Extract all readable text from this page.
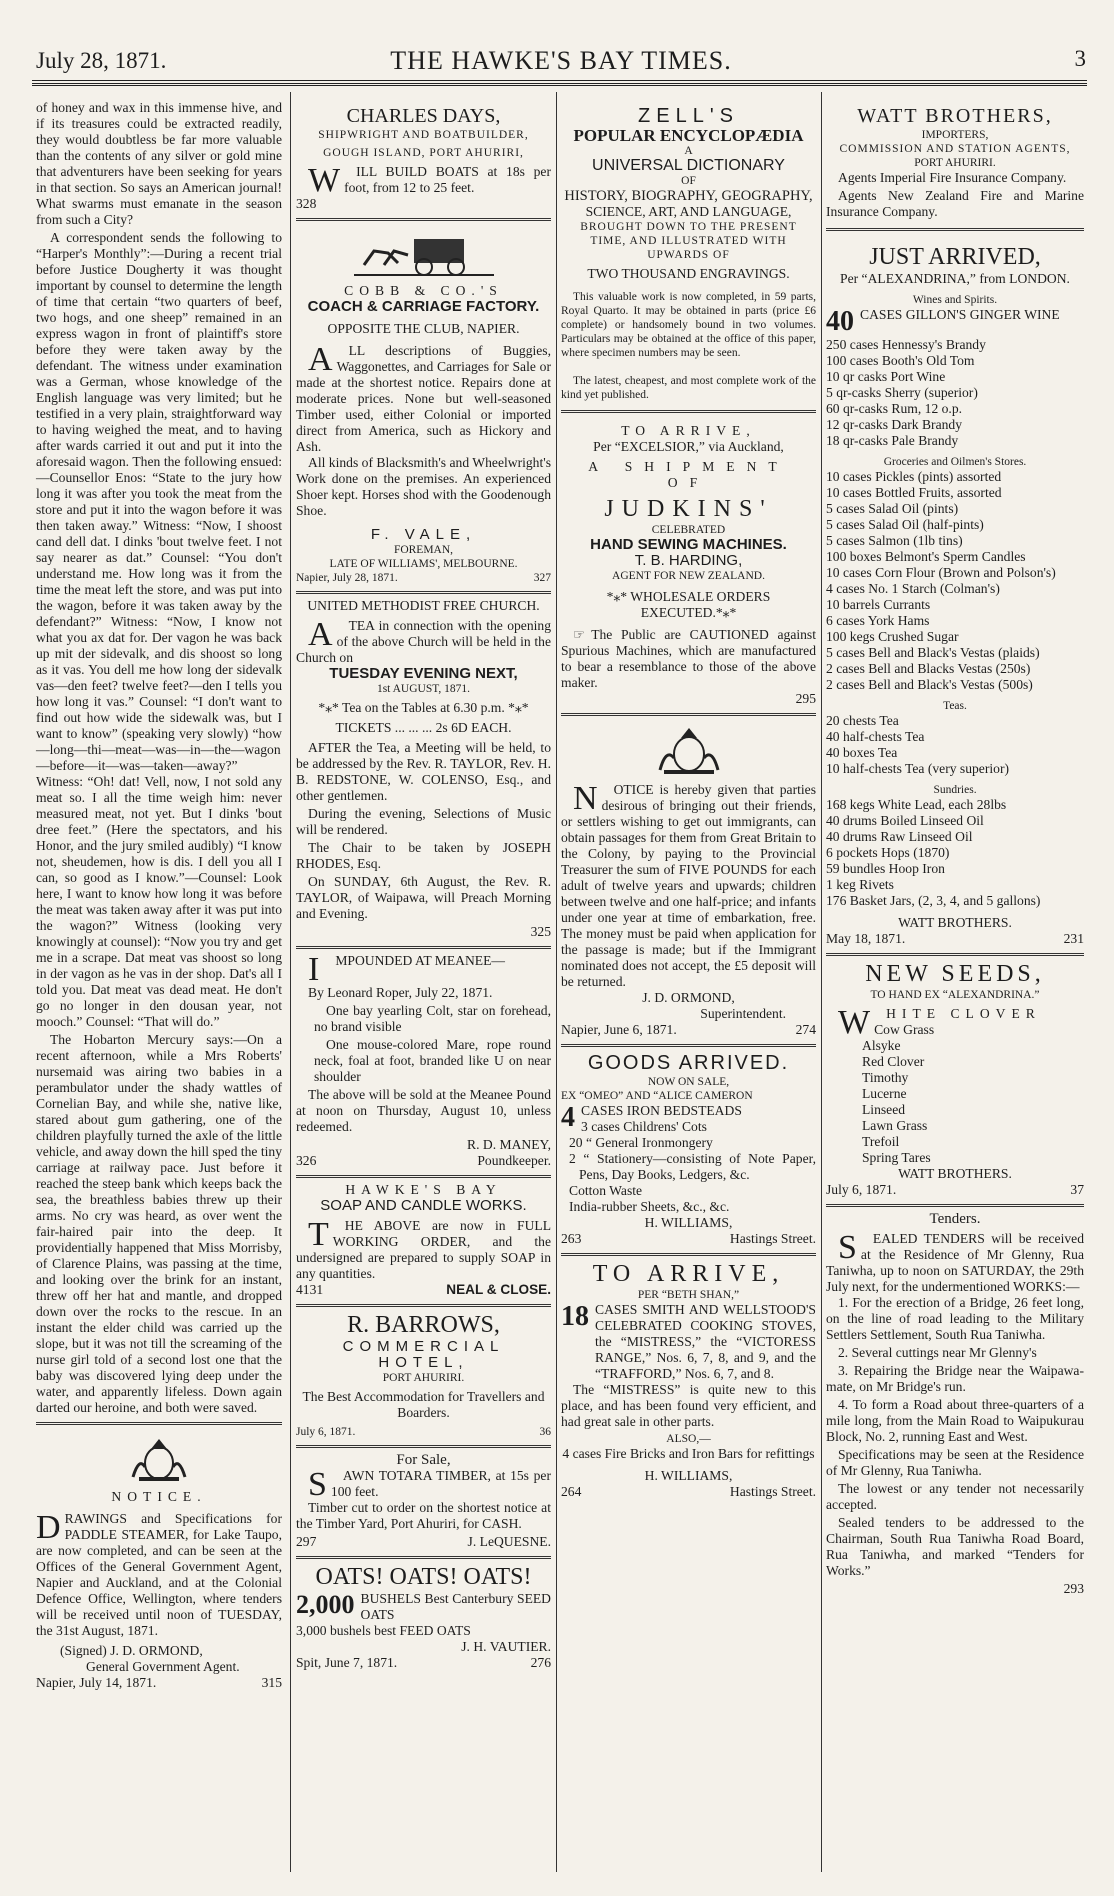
July 28, 1871.	THE HAWKE'S BAY TIMES.	3

of honey and wax in this immense hive, and if its treasures could be extracted readily, they would doubtless be far more valuable than the contents of any silver or gold mine that adventurers have been seeking for years in that section. So says an American journal! What swarms must emanate in the season from such a City?

A correspondent sends the following to “Harper's Monthly”:—During a recent trial before Justice Dougherty it was thought important by counsel to determine the length of time that certain “two quarters of beef, two hogs, and one sheep” remained in an express wagon in front of plaintiff's store before they were taken away by the defendant. The witness under examination was a German, whose knowledge of the English language was very limited; but he testified in a very plain, straightforward way to having weighed the meat, and to having after wards carried it out and put it into the aforesaid wagon. Then the following ensued:—Counsellor Enos: “State to the jury how long it was after you took the meat from the store and put it into the wagon before it was then taken away.” Witness: “Now, I shoost cand dell dat. I dinks 'bout twelve feet. I not say nearer as dat.” Counsel: “You don't understand me. How long was it from the time the meat left the store, and was put into the wagon, before it was taken away by the defendant?” Witness: “Now, I know not what you ax dat for. Der vagon he was back up mit der sidevalk, and dis shoost so long as it vas. You dell me how long der sidevalk vas—den feet? twelve feet?—den I tells you how long it vas.” Counsel: “I don't want to find out how wide the sidewalk was, but I want to know” (speaking very slowly) “how—long—thi—meat—was—in—the—wagon—before—it—was—taken—away?” Witness: “Oh! dat! Vell, now, I not sold any meat so. I all the time weigh him: never measured meat, not yet. But I dinks 'bout dree feet.” (Here the spectators, and his Honor, and the jury smiled audibly) “I know not, sheudemen, how is dis. I dell you all I can, so good as I know.”—Counsel: Look here, I want to know how long it was before the meat was taken away after it was put into the wagon?” Witness (looking very knowingly at counsel): “Now you try and get me in a scrape. Dat meat vas shoost so long in der vagon as he vas in der shop. Dat's all I told you. Dat meat vas dead meat. He don't go no longer in den dousan year, not mooch.” Counsel: “That will do.”

The Hobarton Mercury says:—On a recent afternoon, while a Mrs Roberts' nursemaid was airing two babies in a perambulator under the shady wattles of Cornelian Bay, and while she, native like, stared about gum gathering, one of the children playfully turned the axle of the little vehicle, and away down the hill sped the tiny carriage at railway pace. Just before it reached the steep bank which keeps back the sea, the breathless babies threw up their arms. No cry was heard, as over went the fair-haired pair into the deep. It providentially happened that Miss Morrisby, of Clarence Plains, was passing at the time, and looking over the brink for an instant, threw off her hat and mantle, and dropped down over the rocks to the rescue. In an instant the elder child was carried up the slope, but it was not till the screaming of the nurse girl told of a second lost one that the baby was discovered lying deep under the water, and apparently lifeless. Down again darted our heroine, and both were saved.

NOTICE.

DRAWINGS and Specifications for PADDLE STEAMER, for Lake Taupo, are now completed, and can be seen at the Offices of the General Government Agent, Napier and Auckland, and at the Colonial Defence Office, Wellington, where tenders will be received until noon of TUESDAY, the 31st August, 1871.

(Signed) J. D. ORMOND,
General Government Agent.
Napier, July 14, 1871.	315
CHARLES DAYS,
SHIPWRIGHT AND BOATBUILDER,
GOUGH ISLAND, PORT AHURIRI,

W ILL BUILD BOATS at 18s per foot, from 12 to 25 feet.

328
COBB & CO.'S
COACH & CARRIAGE FACTORY.
OPPOSITE THE CLUB, NAPIER.

A LL descriptions of Buggies, Waggonettes, and Carriages for Sale or made at the shortest notice. Repairs done at moderate prices. None but well-seasoned Timber used, either Colonial or imported direct from America, such as Hickory and Ash.

All kinds of Blacksmith's and Wheelwright's Work done on the premises. An experienced Shoer kept. Horses shod with the Goodenough Shoe.

F. VALE,
FOREMAN,
LATE OF WILLIAMS', MELBOURNE.
Napier, July 28, 1871.	327
UNITED METHODIST FREE CHURCH.

A TEA in connection with the opening of the above Church will be held in the Church on

TUESDAY EVENING NEXT,
1st AUGUST, 1871.
*⁎* Tea on the Tables at 6.30 p.m. *⁎*
TICKETS ... ... ... 2s 6D EACH.

AFTER the Tea, a Meeting will be held, to be addressed by the Rev. R. TAYLOR, Rev. H. B. REDSTONE, W. COLENSO, Esq., and other gentlemen.

During the evening, Selections of Music will be rendered.

The Chair to be taken by JOSEPH RHODES, Esq.

On SUNDAY, 6th August, the Rev. R. TAYLOR, of Waipawa, will Preach Morning and Evening.

325

I MPOUNDED AT MEANEE—

By Leonard Roper, July 22, 1871.

One bay yearling Colt, star on forehead, no brand visible

One mouse-colored Mare, rope round neck, foal at foot, branded like U on near shoulder

The above will be sold at the Meanee Pound at noon on Thursday, August 10, unless redeemed.

R. D. MANEY,
326	Poundkeeper.
HAWKE'S BAY
SOAP AND CANDLE WORKS.

T HE ABOVE are now in FULL WORKING ORDER, and the undersigned are prepared to supply SOAP in any quantities.

4131	NEAL & CLOSE.
R. BARROWS,
COMMERCIAL HOTEL,
PORT AHURIRI.
The Best Accommodation for Travellers and Boarders.
July 6, 1871.	36
For Sale,

S AWN TOTARA TIMBER, at 15s per 100 feet.

Timber cut to order on the shortest notice at the Timber Yard, Port Ahuriri, for CASH.

297	J. LeQUESNE.
OATS! OATS! OATS!
2,000 BUSHELS Best Canterbury SEED OATS
3,000 bushels best FEED OATS
J. H. VAUTIER.
Spit, June 7, 1871.	276
ZELL'S
POPULAR ENCYCLOPÆDIA
A
UNIVERSAL DICTIONARY
OF
HISTORY, BIOGRAPHY, GEOGRAPHY,
SCIENCE, ART, AND LANGUAGE,
BROUGHT DOWN TO THE PRESENT TIME, AND ILLUSTRATED WITH UPWARDS OF
TWO THOUSAND ENGRAVINGS.

This valuable work is now completed, in 59 parts, Royal Quarto. It may be obtained in parts (price £6 complete) or handsomely bound in two volumes. Particulars may be obtained at the office of this paper, where specimen numbers may be seen.

The latest, cheapest, and most complete work of the kind yet published.

TO ARRIVE,
Per “EXCELSIOR,” via Auckland,
A SHIPMENT OF
JUDKINS'
CELEBRATED
HAND SEWING MACHINES.
T. B. HARDING,
AGENT FOR NEW ZEALAND.
*⁎* WHOLESALE ORDERS EXECUTED.*⁎*

☞ The Public are CAUTIONED against Spurious Machines, which are manufactured to bear a resemblance to those of the above maker.

295

N OTICE is hereby given that parties desirous of bringing out their friends, or settlers wishing to get out immigrants, can obtain passages for them from Great Britain to the Colony, by paying to the Provincial Treasurer the sum of FIVE POUNDS for each adult of twelve years and upwards; children between twelve and one half-price; and infants under one year at time of embarkation, free. The money must be paid when application for the passage is made; but if the Immigrant nominated does not accept, the £5 deposit will be returned.

J. D. ORMOND,
Superintendent.
Napier, June 6, 1871.	274
GOODS ARRIVED.
NOW ON SALE,
EX “OMEO” AND “ALICE CAMERON
4 CASES IRON BEDSTEADS
3 cases Childrens' Cots
20 “ General Ironmongery
2 “ Stationery—consisting of Note Paper, Pens, Day Books, Ledgers, &c.
Cotton Waste
India-rubber Sheets, &c., &c.
H. WILLIAMS,
263	Hastings Street.
TO ARRIVE,
PER “BETH SHAN,”
18 CASES SMITH AND WELLSTOOD'S CELEBRATED COOKING STOVES, the “MISTRESS,” the “VICTORESS RANGE,” Nos. 6, 7, 8, and 9, and the “TRAFFORD,” Nos. 6, 7, and 8.

The “MISTRESS” is quite new to this place, and has been found very efficient, and had great sale in other parts.

ALSO,—
4 cases Fire Bricks and Iron Bars for refittings
H. WILLIAMS,
264	Hastings Street.
WATT BROTHERS,
IMPORTERS,
COMMISSION AND STATION AGENTS,
PORT AHURIRI.

Agents Imperial Fire Insurance Company.

Agents New Zealand Fire and Marine Insurance Company.

JUST ARRIVED,
Per “ALEXANDRINA,” from LONDON.
Wines and Spirits.
40 CASES GILLON'S GINGER WINE
250 cases Hennessy's Brandy
100 cases Booth's Old Tom
10 qr casks Port Wine
5 qr-casks Sherry (superior)
60 qr-casks Rum, 12 o.p.
12 qr-casks Dark Brandy
18 qr-casks Pale Brandy
Groceries and Oilmen's Stores.
10 cases Pickles (pints) assorted
10 cases Bottled Fruits, assorted
5 cases Salad Oil (pints)
5 cases Salad Oil (half-pints)
5 cases Salmon (1lb tins)
100 boxes Belmont's Sperm Candles
10 cases Corn Flour (Brown and Polson's)
4 cases No. 1 Starch (Colman's)
10 barrels Currants
6 cases York Hams
100 kegs Crushed Sugar
5 cases Bell and Black's Vestas (plaids)
2 cases Bell and Blacks Vestas (250s)
2 cases Bell and Black's Vestas (500s)
Teas.
20 chests Tea
40 half-chests Tea
40 boxes Tea
10 half-chests Tea (very superior)
Sundries.
168 kegs White Lead, each 28lbs
40 drums Boiled Linseed Oil
40 drums Raw Linseed Oil
6 pockets Hops (1870)
59 bundles Hoop Iron
1 keg Rivets
176 Basket Jars, (2, 3, 4, and 5 gallons)
WATT BROTHERS.
May 18, 1871.	231
NEW SEEDS,
TO HAND EX “ALEXANDRINA.”

W HITE CLOVER

Cow Grass
Alsyke
Red Clover
Timothy
Lucerne
Linseed
Lawn Grass
Trefoil
Spring Tares
WATT BROTHERS.
July 6, 1871.	37
Tenders.

S EALED TENDERS will be received at the Residence of Mr Glenny, Rua Taniwha, up to noon on SATURDAY, the 29th July next, for the undermentioned WORKS:—

1. For the erection of a Bridge, 26 feet long, on the line of road leading to the Military Settlers Settlement, South Rua Taniwha.

2. Several cuttings near Mr Glenny's

3. Repairing the Bridge near the Waipawa-mate, on Mr Bridge's run.

4. To form a Road about three-quarters of a mile long, from the Main Road to Waipukurau Block, No. 2, running East and West.

Specifications may be seen at the Residence of Mr Glenny, Rua Taniwha.

The lowest or any tender not necessarily accepted.

Sealed tenders to be addressed to the Chairman, South Rua Taniwha Road Board, Rua Taniwha, and marked “Tenders for Works.”

293
